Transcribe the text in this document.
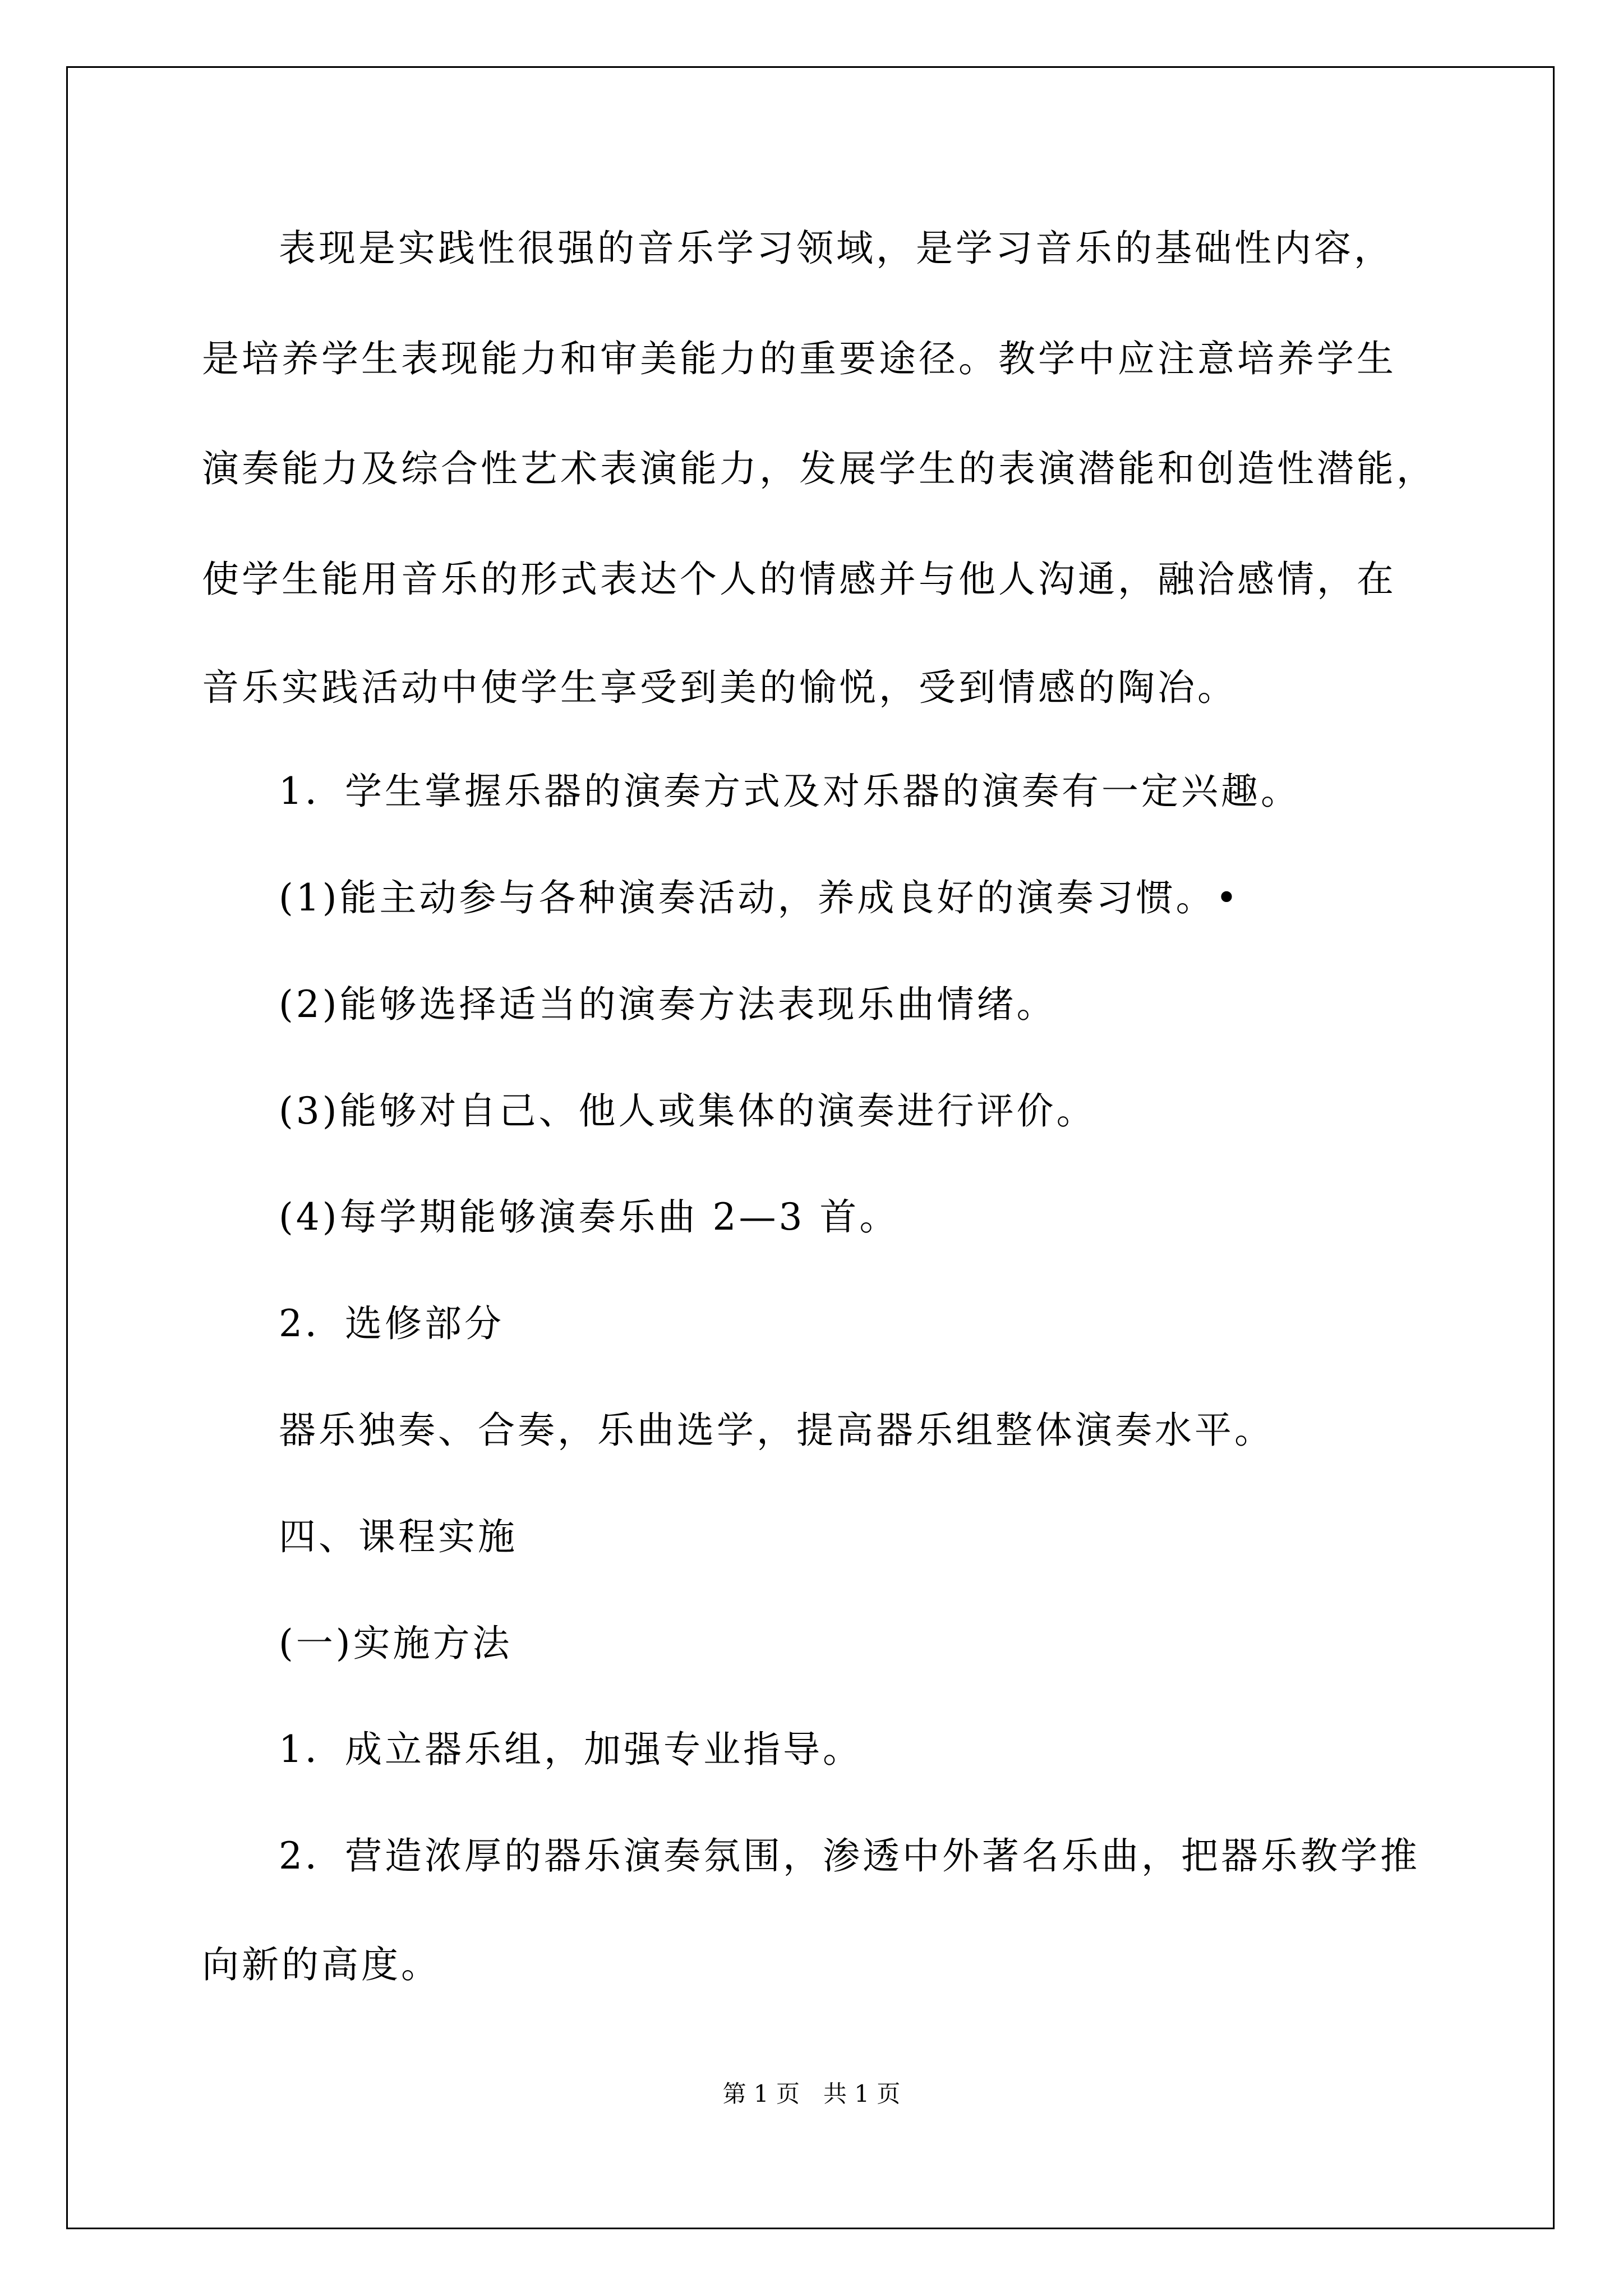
表现是实践性很强的音乐学习领域，是学习音乐的基础性内容，
是培养学生表现能力和审美能力的重要途径。教学中应注意培养学生
演奏能力及综合性艺术表演能力，发展学生的表演潜能和创造性潜能，
使学生能用音乐的形式表达个人的情感并与他人沟通，融洽感情，在
音乐实践活动中使学生享受到美的愉悦，受到情感的陶冶。
1．学生掌握乐器的演奏方式及对乐器的演奏有一定兴趣。
(1)能主动参与各种演奏活动，养成良好的演奏习惯。•
(2)能够选择适当的演奏方法表现乐曲情绪。
(3)能够对自己、他人或集体的演奏进行评价。
(4)每学期能够演奏乐曲 2—3 首。
2．选修部分
器乐独奏、合奏，乐曲选学，提高器乐组整体演奏水平。
四、课程实施
(一)实施方法
1．成立器乐组，加强专业指导。
2．营造浓厚的器乐演奏氛围，渗透中外著名乐曲，把器乐教学推
向新的高度。
第 1 页　共 1 页
